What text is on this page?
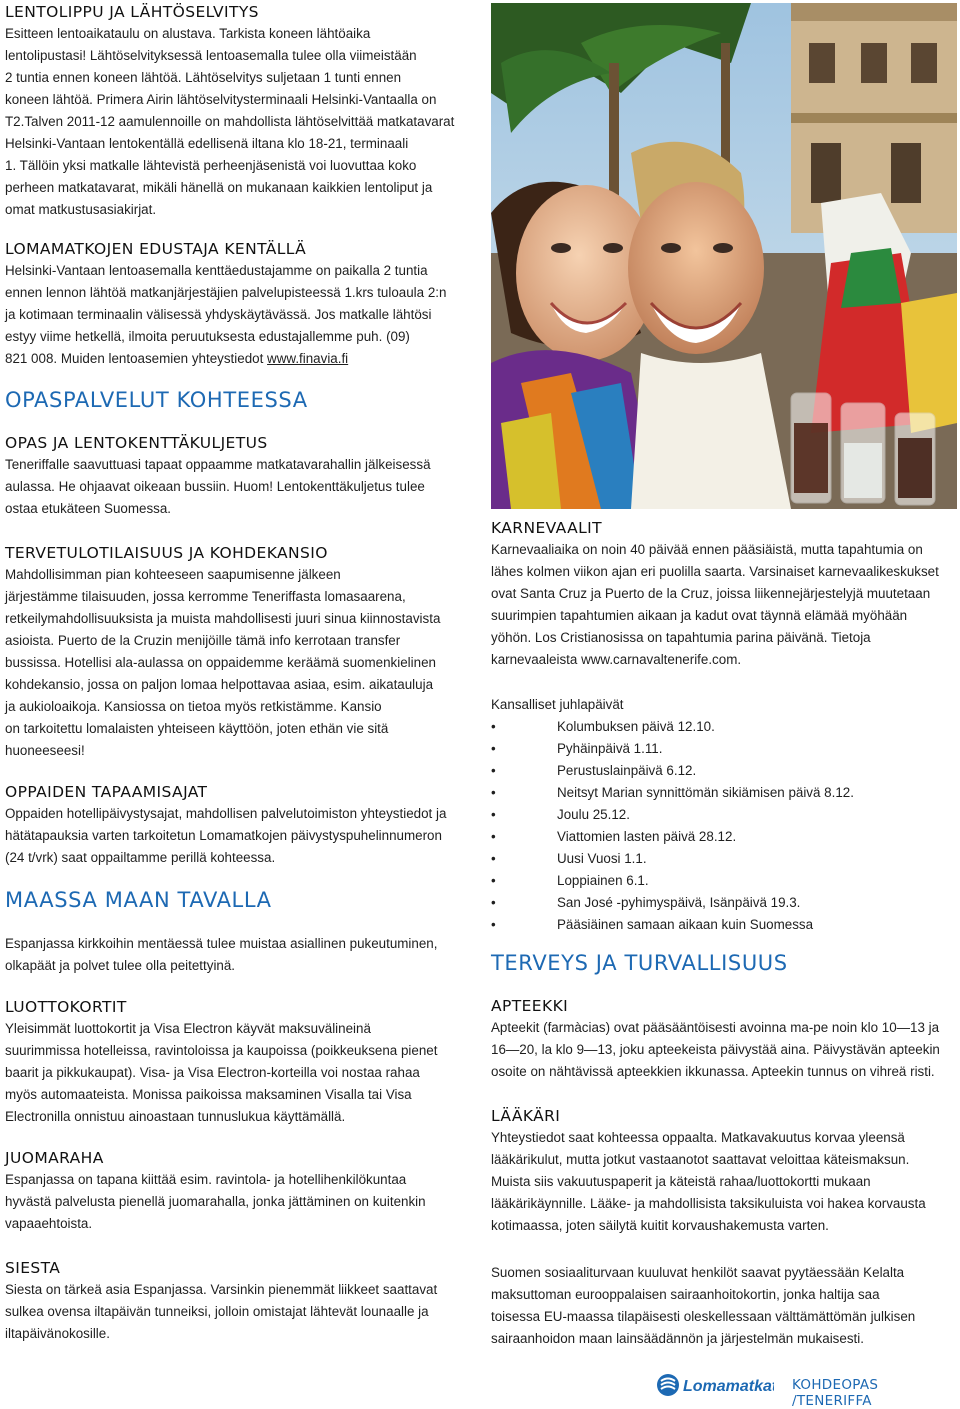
LENTOLIPPU JA LÄHTÖSELVITYS

Esitteen lentoaikataulu on alustava. Tarkista koneen lähtöaika
lentolipustasi! Lähtöselvityksessä lentoasemalla tulee olla viimeistään
2 tuntia ennen koneen lähtöä. Lähtöselvitys suljetaan 1 tunti ennen
koneen lähtöä. Primera Airin lähtöselvitysterminaali Helsinki-Vantaalla on
T2.Talven 2011-12 aamulennoille on mahdollista lähtöselvittää matkatavarat
Helsinki-Vantaan lentokentällä edellisenä iltana klo 18-21, terminaali
1. Tällöin yksi matkalle lähtevistä perheenjäsenistä voi luovuttaa koko
perheen matkatavarat, mikäli hänellä on mukanaan kaikkien lentoliput ja
omat matkustusasiakirjat.

LOMAMATKOJEN EDUSTAJA KENTÄLLÄ

Helsinki-Vantaan lentoasemalla kenttäedustajamme on paikalla 2 tuntia
ennen lennon lähtöä matkanjärjestäjien palvelupisteessä 1.krs tuloaula 2:n
ja kotimaan terminaalin välisessä yhdyskäytävässä. Jos matkalle lähtösi
estyy viime hetkellä, ilmoita peruutuksesta edustajallemme puh. (09)
821 008. Muiden lentoasemien yhteystiedot www.finavia.fi

OPASPALVELUT KOHTEESSA
OPAS JA LENTOKENTTÄKULJETUS

Teneriffalle saavuttuasi tapaat oppaamme matkatavarahallin jälkeisessä
aulassa. He ohjaavat oikeaan bussiin. Huom! Lentokenttäkuljetus tulee
ostaa etukäteen Suomessa.

TERVETULOTILAISUUS JA KOHDEKANSIO

Mahdollisimman pian kohteeseen saapumisenne jälkeen
järjestämme tilaisuuden, jossa kerromme Teneriffasta lomasaarena,
retkeilymahdollisuuksista ja muista mahdollisesti juuri sinua kiinnostavista
asioista. Puerto de la Cruzin menijöille tämä info kerrotaan transfer
bussissa. Hotellisi ala-aulassa on oppaidemme keräämä suomenkielinen
kohdekansio, jossa on paljon lomaa helpottavaa asiaa, esim. aikatauluja
ja aukioloaikoja. Kansiossa on tietoa myös retkistämme. Kansio
on tarkoitettu lomalaisten yhteiseen käyttöön, joten ethän vie sitä
huoneeseesi!

OPPAIDEN TAPAAMISAJAT

Oppaiden hotellipäivystysajat, mahdollisen palvelutoimiston yhteystiedot ja
hätätapauksia varten tarkoitetun Lomamatkojen päivystyspuhelinnumeron
(24 t/vrk) saat oppailtamme perillä kohteessa.

MAASSA MAAN TAVALLA

Espanjassa kirkkoihin mentäessä tulee muistaa asiallinen pukeutuminen,
olkapäät ja polvet tulee olla peitettyinä.

LUOTTOKORTIT

Yleisimmät luottokortit ja Visa Electron käyvät maksuvälineinä
suurimmissa hotelleissa, ravintoloissa ja kaupoissa (poikkeuksena pienet
baarit ja pikkukaupat). Visa- ja Visa Electron-korteilla voi nostaa rahaa
myös automaateista. Monissa paikoissa maksaminen Visalla tai Visa
Electronilla onnistuu ainoastaan tunnuslukua käyttämällä.

JUOMARAHA

Espanjassa on tapana kiittää esim. ravintola- ja hotellihenkilökuntaa
hyvästä palvelusta pienellä juomarahalla, jonka jättäminen on kuitenkin
vapaaehtoista.

SIESTA

Siesta on tärkeä asia Espanjassa. Varsinkin pienemmät liikkeet saattavat
sulkea ovensa iltapäivän tunneiksi, jolloin omistajat lähtevät lounaalle ja
iltapäivänokosille.

KARNEVAALIT

Karnevaaliaika on noin 40 päivää ennen pääsiäistä, mutta tapahtumia on
lähes kolmen viikon ajan eri puolilla saarta. Varsinaiset karnevaalikeskukset
ovat Santa Cruz ja Puerto de la Cruz, joissa liikennejärjestelyjä muutetaan
suurimpien tapahtumien aikaan ja kadut ovat täynnä elämää myöhään
yöhön. Los Cristianosissa on tapahtumia parina päivänä. Tietoja
karnevaaleista www.carnavaltenerife.com.

Kansalliset juhlapäivät

•	Kolumbuksen päivä 12.10.
•	Pyhäinpäivä 1.11.
•	Perustuslainpäivä 6.12.
•	Neitsyt Marian synnittömän sikiämisen päivä 8.12.
•	Joulu 25.12.
•	Viattomien lasten päivä 28.12.
•	Uusi Vuosi 1.1.
•	Loppiainen 6.1.
•	San José -pyhimyspäivä, Isänpäivä 19.3.
•	Pääsiäinen samaan aikaan kuin Suomessa
TERVEYS JA TURVALLISUUS
APTEEKKI

Apteekit (farmàcias) ovat pääsääntöisesti avoinna ma-pe noin klo 10—13 ja
16—20, la klo 9—13, joku apteekeista päivystää aina. Päivystävän apteekin
osoite on nähtävissä apteekkien ikkunassa. Apteekin tunnus on vihreä risti.

LÄÄKÄRI

Yhteystiedot saat kohteessa oppaalta. Matkavakuutus korvaa yleensä
lääkärikulut, mutta jotkut vastaanotot saattavat veloittaa käteismaksun.
Muista siis vakuutuspaperit ja käteistä rahaa/luottokortti mukaan
lääkärikäynnille. Lääke- ja mahdollisista taksikuluista voi hakea korvausta
kotimaassa, joten säilytä kuitit korvaushakemusta varten.

Suomen sosiaaliturvaan kuuluvat henkilöt saavat pyytäessään Kelalta
maksuttoman eurooppalaisen sairaanhoitokortin, jonka haltija saa
toisessa EU-maassa tilapäisesti oleskellessaan välttämättömän julkisen
sairaanhoidon maan lainsäädännön ja järjestelmän mukaisesti.

Lomamatkat KOHDEOPAS /TENERIFFA
